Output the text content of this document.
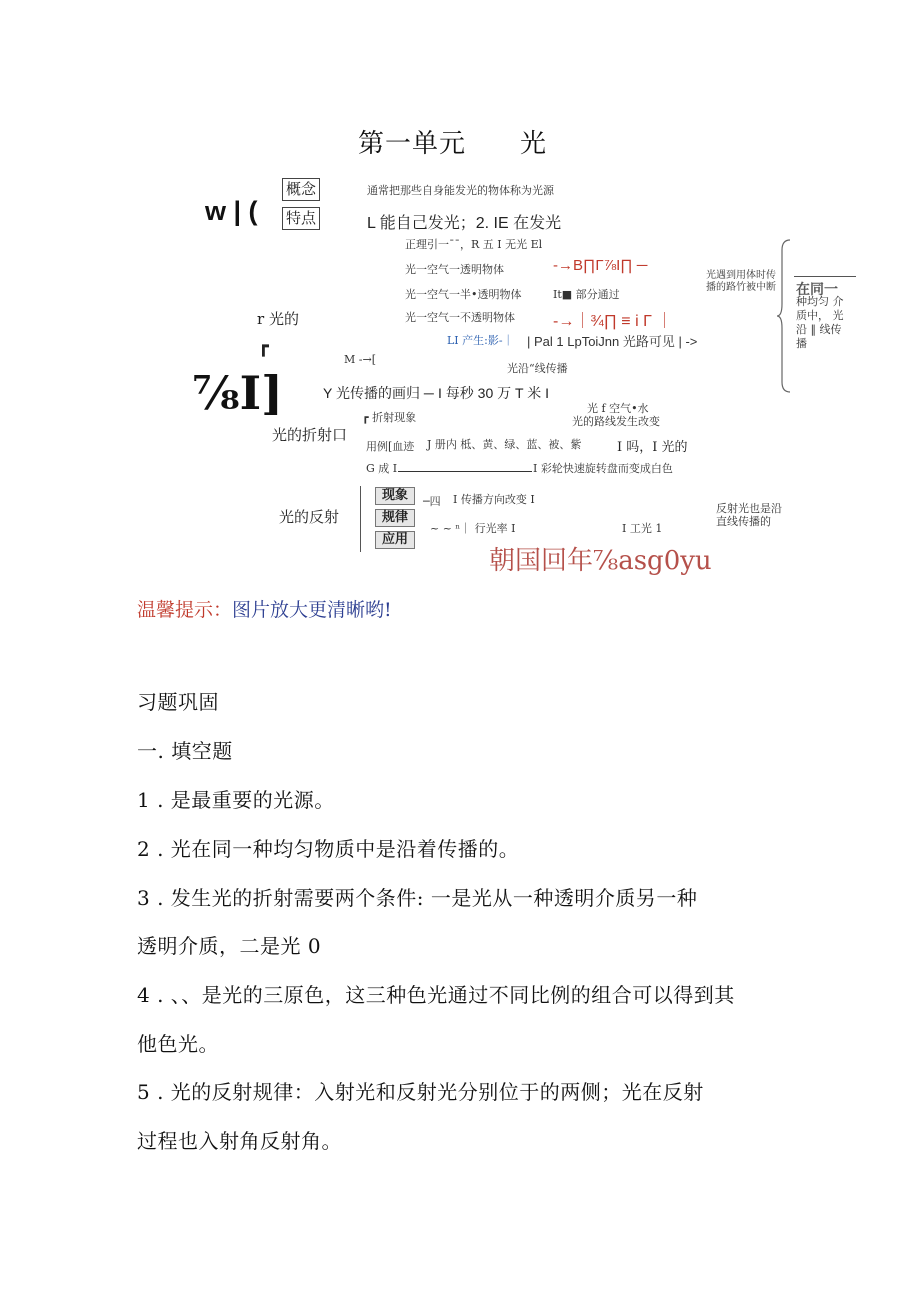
第一单元　　光
w | (
概念
特点
通常把那些自身能发光的物体称为光源
L 能自己发光；2. IE 在发光
正理引一ˉˉ，R 五 I 无光 El
光一空气一透明物体	-→B∏Γ⅞I∏ ─
光一空气一半•透明物体	It■ 部分通过
光一空气一不透明物体 -→｜¾∏ ≡ i Γ ｜
LI 产生:影-｜ | Pal 1 LpToiJnn 光路可见 | ->
光遇到用体时传播的路竹被中断 在同一
种均匀 介
质中， 光
沿 ‖ 线传
播
r 光的
┏
M -→[
光沿“线传播
⅞I]	Y 光传播的画归 ─ I 每秒 30 万 T 米 I
光的折射口
┏ 折射现象
光 f 空气•水
光的路线发生改变
用例[血迹 J 册内 柢、黄、绿、蓝、被、紫	I 吗，I 光的
G 成 I	I 彩轮快速旋转盘而变成白色
光的反射
现象
规律
应用
─四 I 传播方向改变 I
~ ~ ⁿ｜ 行光率 I	I 工光 1
反射光也是沿
直线传播的
朝国回年⅞asg0yu
温馨提示：图片放大更清晰哟!
习题巩固
一. 填空题
1 . 是最重要的光源。
2 . 光在同一种均匀物质中是沿着传播的。
3 . 发生光的折射需要两个条件: 一是光从一种透明介质另一种
透明介质，二是光 0
4 . 、、是光的三原色，这三种色光通过不同比例的组合可以得到其
他色光。
5 . 光的反射规律：入射光和反射光分别位于的两侧；光在反射
过程也入射角反射角。
